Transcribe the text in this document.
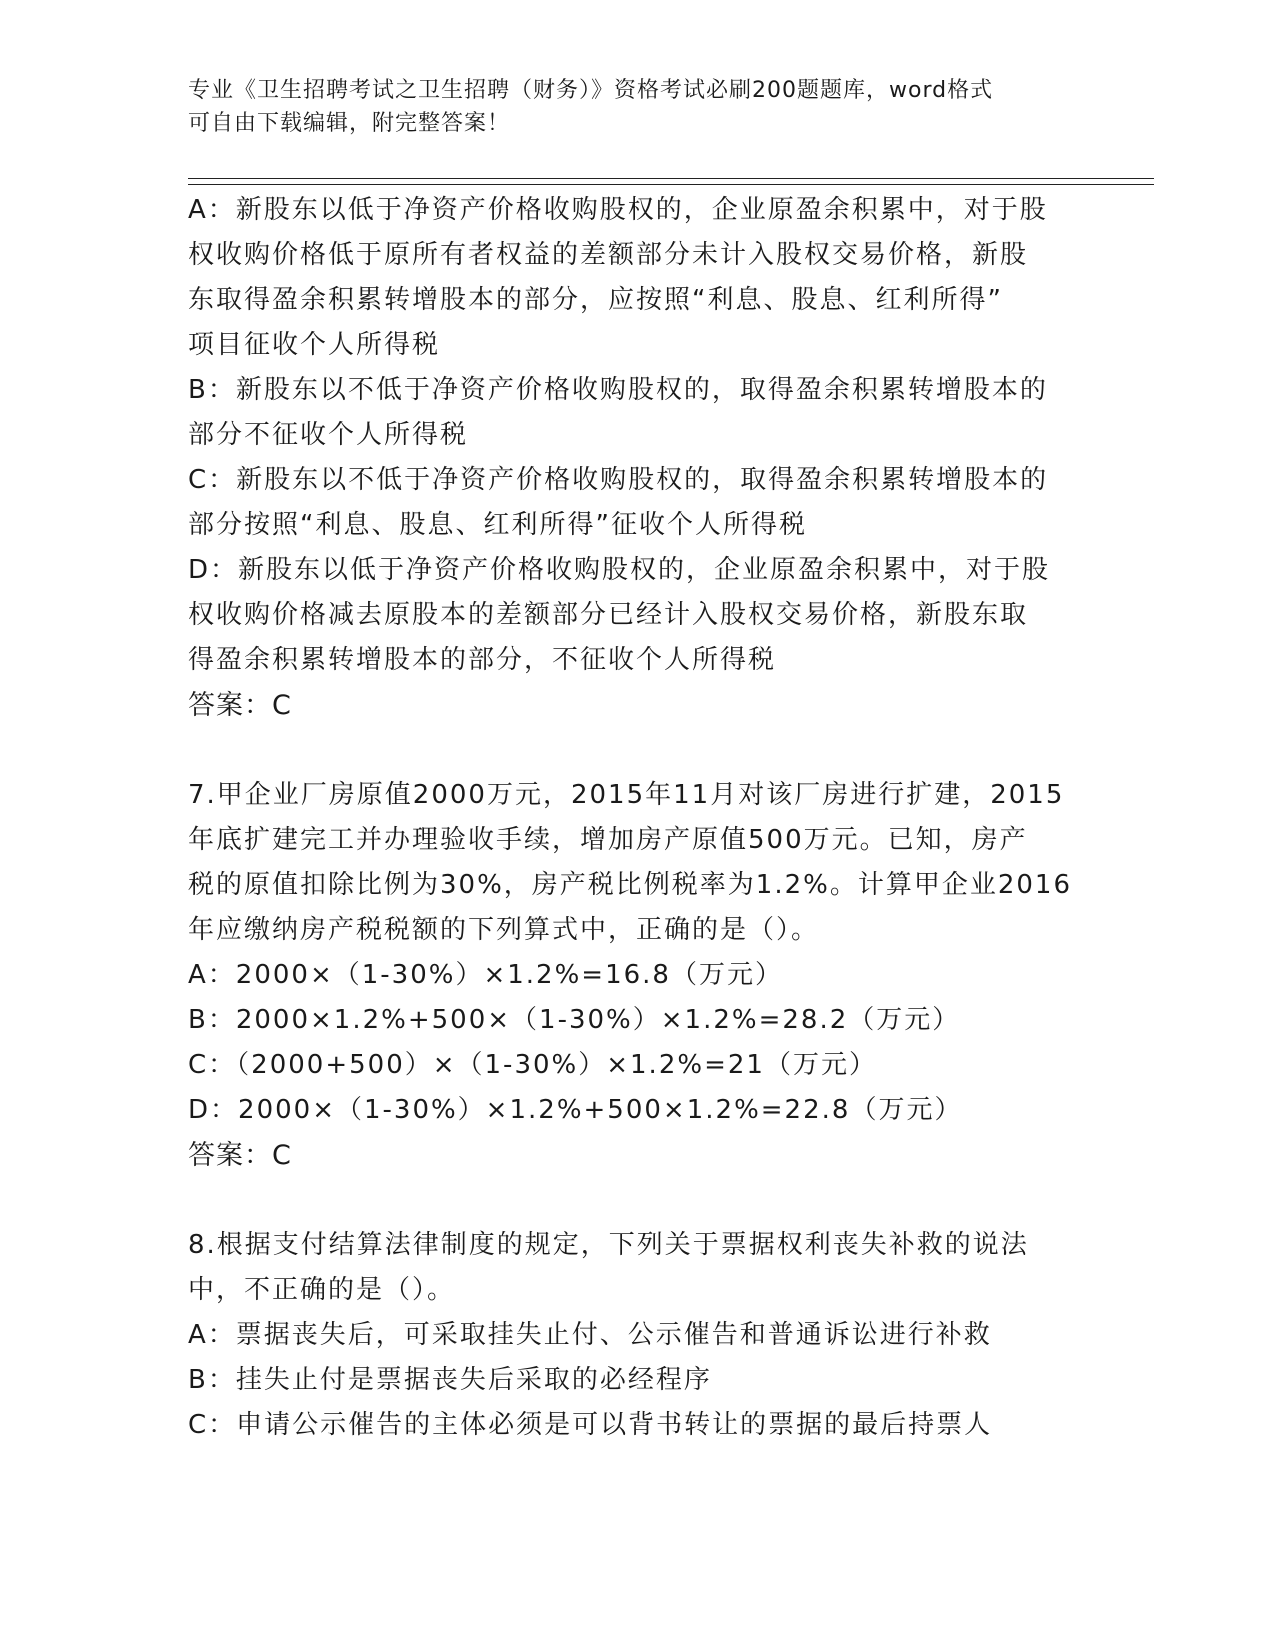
专业《卫生招聘考试之卫生招聘（财务）》资格考试必刷200题题库，word格式
可自由下载编辑，附完整答案！
A：新股东以低于净资产价格收购股权的，企业原盈余积累中，对于股
权收购价格低于原所有者权益的差额部分未计入股权交易价格，新股
东取得盈余积累转增股本的部分，应按照“利息、股息、红利所得”
项目征收个人所得税
B：新股东以不低于净资产价格收购股权的，取得盈余积累转增股本的
部分不征收个人所得税
C：新股东以不低于净资产价格收购股权的，取得盈余积累转增股本的
部分按照“利息、股息、红利所得”征收个人所得税
D：新股东以低于净资产价格收购股权的，企业原盈余积累中，对于股
权收购价格减去原股本的差额部分已经计入股权交易价格，新股东取
得盈余积累转增股本的部分，不征收个人所得税
答案：C
7.甲企业厂房原值2000万元，2015年11月对该厂房进行扩建，2015
年底扩建完工并办理验收手续，增加房产原值500万元。已知，房产
税的原值扣除比例为30%，房产税比例税率为1.2%。计算甲企业2016
年应缴纳房产税税额的下列算式中，正确的是（）。
A：2000×（1-30%）×1.2%=16.8（万元）
B：2000×1.2%+500×（1-30%）×1.2%=28.2（万元）
C：（2000+500）×（1-30%）×1.2%=21（万元）
D：2000×（1-30%）×1.2%+500×1.2%=22.8（万元）
答案：C
8.根据支付结算法律制度的规定，下列关于票据权利丧失补救的说法
中，不正确的是（）。
A：票据丧失后，可采取挂失止付、公示催告和普通诉讼进行补救
B：挂失止付是票据丧失后采取的必经程序
C：申请公示催告的主体必须是可以背书转让的票据的最后持票人
